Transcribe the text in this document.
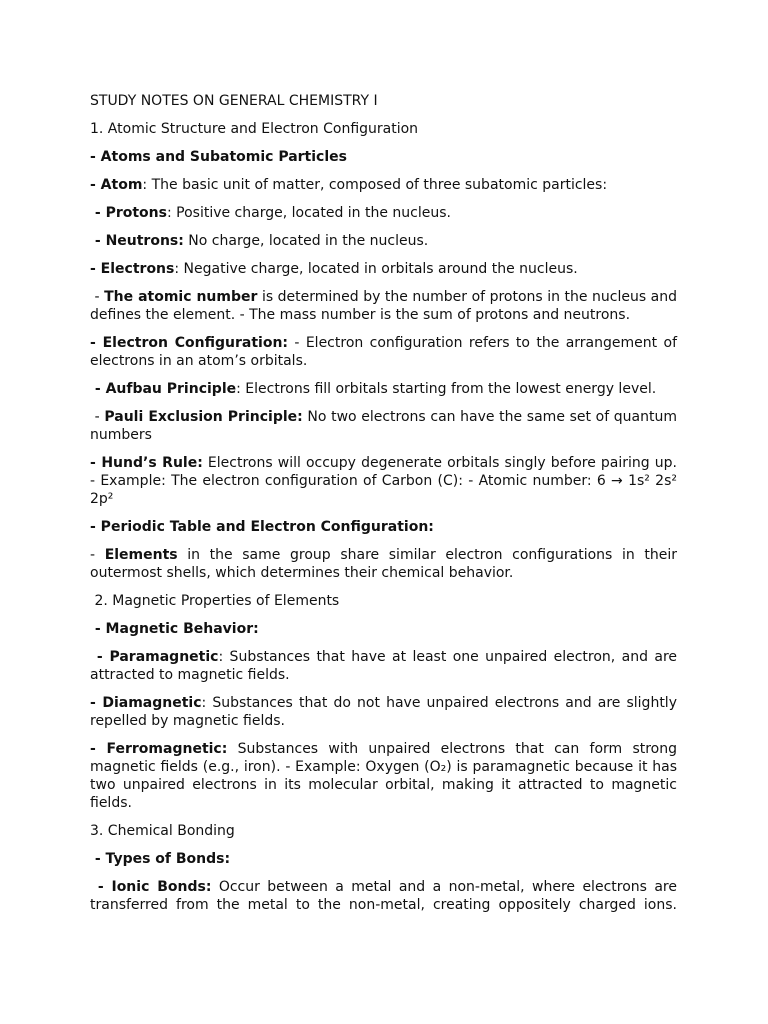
STUDY NOTES ON GENERAL CHEMISTRY I

1. Atomic Structure and Electron Configuration

- Atoms and Subatomic Particles

- Atom: The basic unit of matter, composed of three subatomic particles:

- Protons: Positive charge, located in the nucleus.

- Neutrons: No charge, located in the nucleus.

- Electrons: Negative charge, located in orbitals around the nucleus.

- The atomic number is determined by the number of protons in the nucleus and defines the element. - The mass number is the sum of protons and neutrons.

- Electron Configuration: - Electron configuration refers to the arrangement of electrons in an atom’s orbitals.

- Aufbau Principle: Electrons fill orbitals starting from the lowest energy level.

- Pauli Exclusion Principle: No two electrons can have the same set of quantum numbers

- Hund’s Rule: Electrons will occupy degenerate orbitals singly before pairing up. - Example: The electron configuration of Carbon (C): - Atomic number: 6 → 1s² 2s² 2p²

- Periodic Table and Electron Configuration:

- Elements in the same group share similar electron configurations in their outermost shells, which determines their chemical behavior.

2. Magnetic Properties of Elements

- Magnetic Behavior:

- Paramagnetic: Substances that have at least one unpaired electron, and are attracted to magnetic fields.

- Diamagnetic: Substances that do not have unpaired electrons and are slightly repelled by magnetic fields.

- Ferromagnetic: Substances with unpaired electrons that can form strong magnetic fields (e.g., iron). - Example: Oxygen (O₂) is paramagnetic because it has two unpaired electrons in its molecular orbital, making it attracted to magnetic fields.

3. Chemical Bonding

- Types of Bonds:

- Ionic Bonds: Occur between a metal and a non-metal, where electrons are transferred from the metal to the non-metal, creating oppositely charged ions.
